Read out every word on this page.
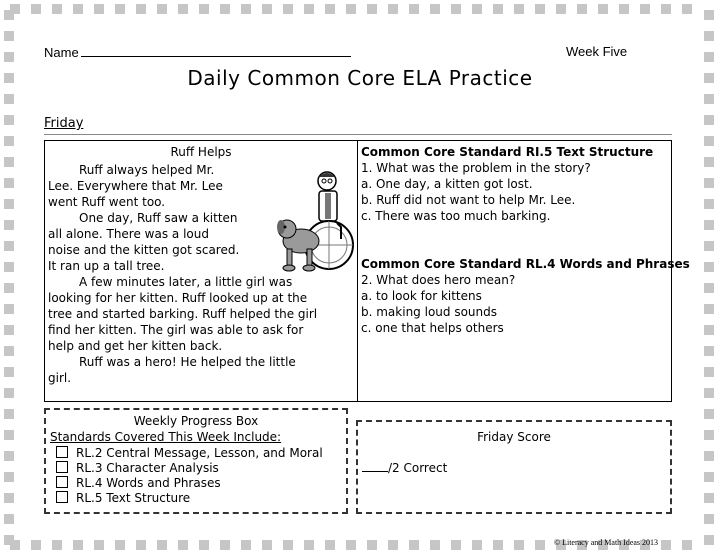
Name	Week Five
Daily Common Core ELA Practice
Friday
Ruff Helps
Ruff always helped Mr.
Lee. Everywhere that Mr. Lee
went Ruff went too.
One day, Ruff saw a kitten
all alone. There was a loud
noise and the kitten got scared.
It ran up a tall tree.
A few minutes later, a little girl was
looking for her kitten. Ruff looked up at the
tree and started barking. Ruff helped the girl
find her kitten. The girl was able to ask for
help and get her kitten back.
Ruff was a hero! He helped the little
girl.
Common Core Standard RI.5 Text Structure
1. What was the problem in the story?
a. One day, a kitten got lost.
b. Ruff did not want to help Mr. Lee.
c. There was too much barking.
Common Core Standard RL.4 Words and Phrases
2. What does hero mean?
a. to look for kittens
b. making loud sounds
c. one that helps others
Weekly Progress Box
Standards Covered This Week Include:
RL.2 Central Message, Lesson, and Moral
RL.3 Character Analysis
RL.4 Words and Phrases
RL.5 Text Structure
Friday Score
/2 Correct
© Literacy and Math Ideas 2013
